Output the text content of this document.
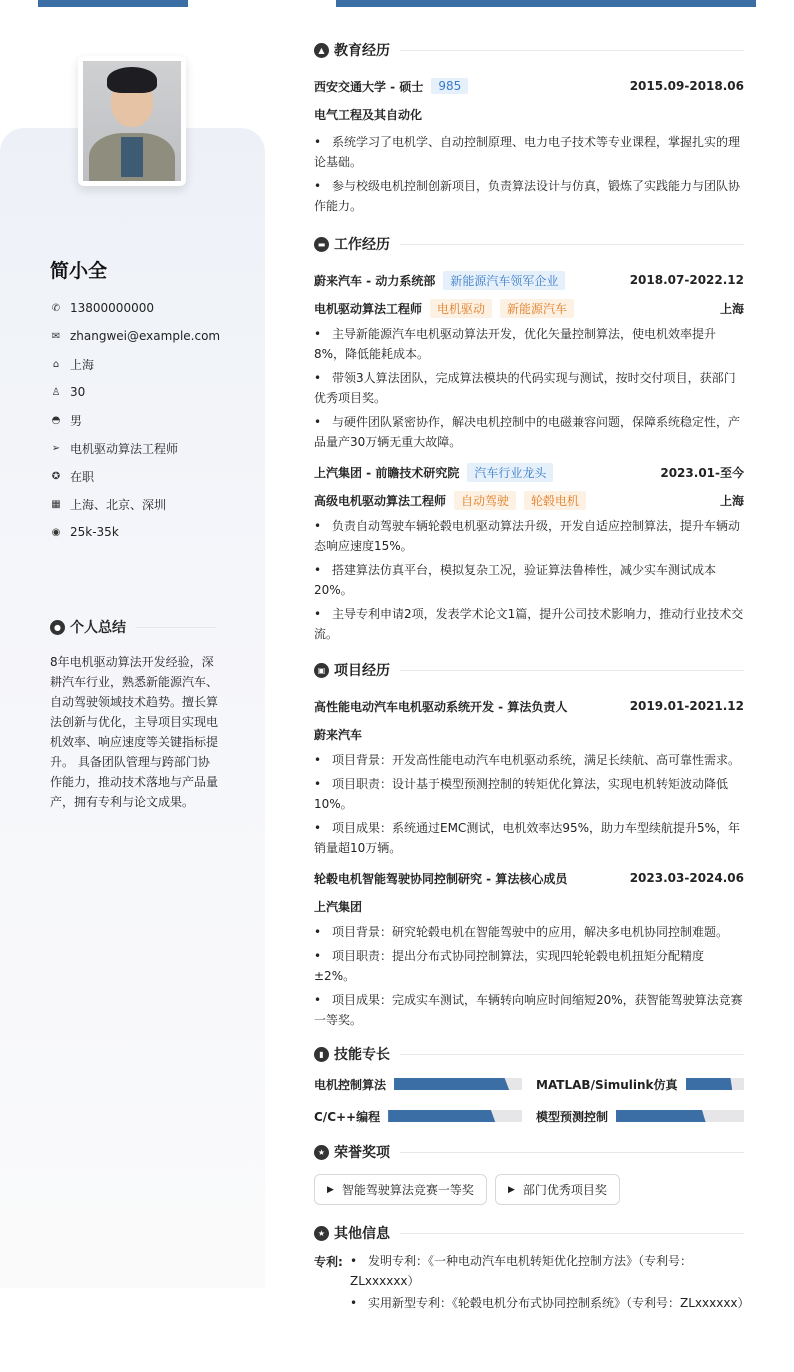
简小全
✆ 13800000000
✉ zhangwei@example.com
⌂ 上海
♙ 30
◓ 男
➢ 电机驱动算法工程师
✪ 在职
▦ 上海、北京、深圳
◉ 25k-35k
● 个人总结
8年电机驱动算法开发经验，深耕汽车行业，熟悉新能源汽车、自动驾驶领域技术趋势。擅长算法创新与优化，主导项目实现电机效率、响应速度等关键指标提升。 具备团队管理与跨部门协作能力，推动技术落地与产品量产，拥有专利与论文成果。
▲ 教育经历
西安交通大学 - 硕士	985	2015.09-2018.06
电气工程及其自动化
• 系统学习了电机学、自动控制原理、电力电子技术等专业课程，掌握扎实的理论基础。
• 参与校级电机控制创新项目，负责算法设计与仿真，锻炼了实践能力与团队协作能力。
▬ 工作经历
蔚来汽车 - 动力系统部	新能源汽车领军企业	2018.07-2022.12
电机驱动算法工程师	电机驱动	新能源汽车	上海
• 主导新能源汽车电机驱动算法开发，优化矢量控制算法，使电机效率提升8%，降低能耗成本。
• 带领3人算法团队，完成算法模块的代码实现与测试，按时交付项目，获部门优秀项目奖。
• 与硬件团队紧密协作，解决电机控制中的电磁兼容问题，保障系统稳定性，产品量产30万辆无重大故障。
上汽集团 - 前瞻技术研究院	汽车行业龙头	2023.01-至今
高级电机驱动算法工程师	自动驾驶	轮毂电机	上海
• 负责自动驾驶车辆轮毂电机驱动算法升级，开发自适应控制算法，提升车辆动态响应速度15%。
• 搭建算法仿真平台，模拟复杂工况，验证算法鲁棒性，减少实车测试成本20%。
• 主导专利申请2项，发表学术论文1篇，提升公司技术影响力，推动行业技术交流。
▣ 项目经历
高性能电动汽车电机驱动系统开发 - 算法负责人	2019.01-2021.12
蔚来汽车
• 项目背景：开发高性能电动汽车电机驱动系统，满足长续航、高可靠性需求。
• 项目职责：设计基于模型预测控制的转矩优化算法，实现电机转矩波动降低10%。
• 项目成果：系统通过EMC测试，电机效率达95%，助力车型续航提升5%，年销量超10万辆。
轮毂电机智能驾驶协同控制研究 - 算法核心成员	2023.03-2024.06
上汽集团
• 项目背景：研究轮毂电机在智能驾驶中的应用，解决多电机协同控制难题。
• 项目职责：提出分布式协同控制算法，实现四轮轮毂电机扭矩分配精度±2%。
• 项目成果：完成实车测试，车辆转向响应时间缩短20%，获智能驾驶算法竞赛一等奖。
▮ 技能专长
电机控制算法	MATLAB/Simulink仿真
C/C++编程	模型预测控制
★ 荣誉奖项
▶ 智能驾驶算法竞赛一等奖	▶ 部门优秀项目奖
★ 其他信息
专利:	• 发明专利：《一种电动汽车电机转矩优化控制方法》（专利号：ZLxxxxxx）
• 实用新型专利：《轮毂电机分布式协同控制系统》（专利号：ZLxxxxxx）
